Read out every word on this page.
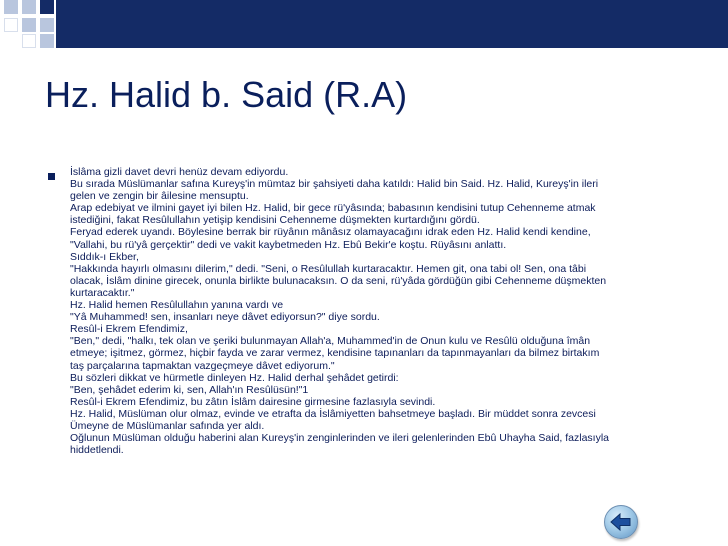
Hz. Halid b. Said (R.A)
İslâma gizli davet devri henüz devam ediyordu.
Bu sırada Müslümanlar safına Kureyş'in mümtaz bir şahsiyeti daha katıldı: Halid bin Said. Hz. Halid, Kureyş'in ileri
gelen ve zengin bir âilesine mensuptu.
Arap edebiyat ve ilmini gayet iyi bilen Hz. Halid, bir gece rü'yâsında; babasının kendisini tutup Cehenneme atmak
istediğini, fakat Resûlullahın yetişip kendisini Cehenneme düşmekten kurtardığını gördü.
Feryad ederek uyandı. Böylesine berrak bir rüyânın mânâsız olamayacağını idrak eden Hz. Halid kendi kendine,
"Vallahi, bu rü'yâ gerçektir" dedi ve vakit kaybetmeden Hz. Ebû Bekir'e koştu. Rüyâsını anlattı.
Sıddık-ı Ekber,
"Hakkında hayırlı olmasını dilerim," dedi. "Seni, o Resûlullah kurtaracaktır. Hemen git, ona tabi ol! Sen, ona tâbi
olacak, İslâm dinine girecek, onunla birlikte bulunacaksın. O da seni, rü'yâda gördüğün gibi Cehenneme düşmekten
kurtaracaktır."
Hz. Halid hemen Resûlullahın yanına vardı ve
"Yâ Muhammed! sen, insanları neye dâvet ediyorsun?" diye sordu.
Resûl-i Ekrem Efendimiz,
"Ben," dedi, "halkı, tek olan ve şeriki bulunmayan Allah'a, Muhammed'in de Onun kulu ve Resûlü olduğuna îmân
etmeye; işitmez, görmez, hiçbir fayda ve zarar vermez, kendisine tapınanları da tapınmayanları da bilmez birtakım
taş parçalarına tapmaktan vazgeçmeye dâvet ediyorum."
Bu sözleri dikkat ve hürmetle dinleyen Hz. Halid derhal şehâdet getirdi:
"Ben, şehâdet ederim ki, sen, Allah'ın Resûlüsün!"1
Resûl-i Ekrem Efendimiz, bu zâtın İslâm dairesine girmesine fazlasıyla sevindi.
Hz. Halid, Müslüman olur olmaz, evinde ve etrafta da İslâmiyetten bahsetmeye başladı. Bir müddet sonra zevcesi
Ümeyne de Müslümanlar safında yer aldı.
Oğlunun Müslüman olduğu haberini alan Kureyş'in zenginlerinden ve ileri gelenlerinden Ebû Uhayha Said, fazlasıyla
hiddetlendi.
